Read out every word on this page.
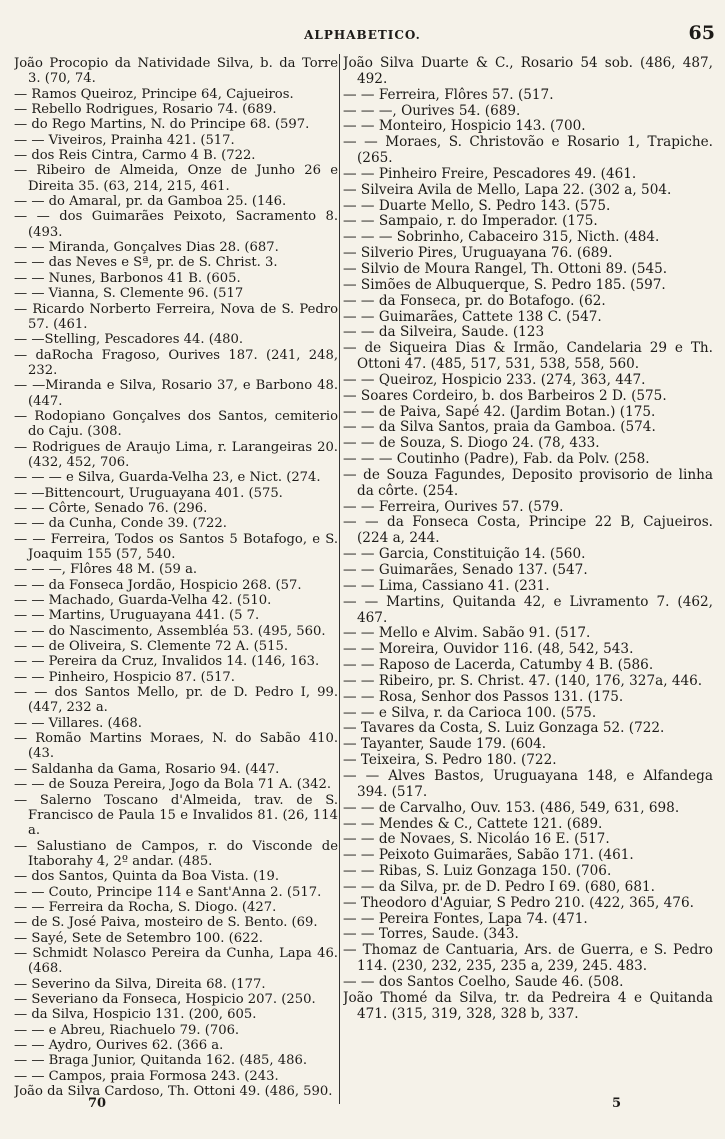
ALPHABETICO.	65
João Procopio da Natividade Silva, b. da Torre 3. (70, 74.
— Ramos Queiroz, Principe 64, Cajueiros.
— Rebello Rodrigues, Rosario 74. (689.
— do Rego Martins, N. do Principe 68. (597.
— — Viveiros, Prainha 421. (517.
— dos Reis Cintra, Carmo 4 B. (722.
— Ribeiro de Almeida, Onze de Junho 26 e Direita 35. (63, 214, 215, 461.
— — do Amaral, pr. da Gamboa 25. (146.
— — dos Guimarães Peixoto, Sacramento 8. (493.
— — Miranda, Gonçalves Dias 28. (687.
— — das Neves e Sª, pr. de S. Christ. 3.
— — Nunes, Barbonos 41 B. (605.
— — Vianna, S. Clemente 96. (517
— Ricardo Norberto Ferreira, Nova de S. Pedro 57. (461.
— —Stelling, Pescadores 44. (480.
— daRocha Fragoso, Ourives 187. (241, 248, 232.
— —Miranda e Silva, Rosario 37, e Barbono 48. (447.
— Rodopiano Gonçalves dos Santos, cemiterio do Caju. (308.
— Rodrigues de Araujo Lima, r. Larangeiras 20. (432, 452, 706.
— — — e Silva, Guarda-Velha 23, e Nict. (274.
— —Bittencourt, Uruguayana 401. (575.
— — Côrte, Senado 76. (296.
— — da Cunha, Conde 39. (722.
— — Ferreira, Todos os Santos 5 Botafogo, e S. Joaquim 155 (57, 540.
— — —, Flôres 48 M. (59 a.
— — da Fonseca Jordão, Hospicio 268. (57.
— — Machado, Guarda-Velha 42. (510.
— — Martins, Uruguayana 441. (5 7.
— — do Nascimento, Assembléa 53. (495, 560.
— — de Oliveira, S. Clemente 72 A. (515.
— — Pereira da Cruz, Invalidos 14. (146, 163.
— — Pinheiro, Hospicio 87. (517.
— — dos Santos Mello, pr. de D. Pedro I, 99. (447, 232 a.
— — Villares. (468.
— Romão Martins Moraes, N. do Sabão 410. (43.
— Saldanha da Gama, Rosario 94. (447.
— — de Souza Pereira, Jogo da Bola 71 A. (342.
— Salerno Toscano d'Almeida, trav. de S. Francisco de Paula 15 e Invalidos 81. (26, 114 a.
— Salustiano de Campos, r. do Visconde de Itaborahy 4, 2º andar. (485.
— dos Santos, Quinta da Boa Vista. (19.
— — Couto, Principe 114 e Sant'Anna 2. (517.
— — Ferreira da Rocha, S. Diogo. (427.
— de S. José Paiva, mosteiro de S. Bento. (69.
— Sayé, Sete de Setembro 100. (622.
— Schmidt Nolasco Pereira da Cunha, Lapa 46. (468.
— Severino da Silva, Direita 68. (177.
— Severiano da Fonseca, Hospicio 207. (250.
— da Silva, Hospicio 131. (200, 605.
— — e Abreu, Riachuelo 79. (706.
— — Aydro, Ourives 62. (366 a.
— — Braga Junior, Quitanda 162. (485, 486.
— — Campos, praia Formosa 243. (243.
João da Silva Cardoso, Th. Ottoni 49. (486, 590.
João Silva Duarte & C., Rosario 54 sob. (486, 487, 492.
— — Ferreira, Flôres 57. (517.
— — —, Ourives 54. (689.
— — Monteiro, Hospicio 143. (700.
— — Moraes, S. Christovão e Rosario 1, Trapiche. (265.
— — Pinheiro Freire, Pescadores 49. (461.
— Silveira Avila de Mello, Lapa 22. (302 a, 504.
— — Duarte Mello, S. Pedro 143. (575.
— — Sampaio, r. do Imperador. (175.
— — — Sobrinho, Cabaceiro 315, Nicth. (484.
— Silverio Pires, Uruguayana 76. (689.
— Silvio de Moura Rangel, Th. Ottoni 89. (545.
— Simões de Albuquerque, S. Pedro 185. (597.
— — da Fonseca, pr. do Botafogo. (62.
— — Guimarães, Cattete 138 C. (547.
— — da Silveira, Saude. (123
— de Siqueira Dias & Irmão, Candelaria 29 e Th. Ottoni 47. (485, 517, 531, 538, 558, 560.
— — Queiroz, Hospicio 233. (274, 363, 447.
— Soares Cordeiro, b. dos Barbeiros 2 D. (575.
— — de Paiva, Sapé 42. (Jardim Botan.) (175.
— — da Silva Santos, praia da Gamboa. (574.
— — de Souza, S. Diogo 24. (78, 433.
— — — Coutinho (Padre), Fab. da Polv. (258.
— de Souza Fagundes, Deposito provisorio de linha da côrte. (254.
— — Ferreira, Ourives 57. (579.
— — da Fonseca Costa, Principe 22 B, Cajueiros. (224 a, 244.
— — Garcia, Constituição 14. (560.
— — Guimarães, Senado 137. (547.
— — Lima, Cassiano 41. (231.
— — Martins, Quitanda 42, e Livramento 7. (462, 467.
— — Mello e Alvim. Sabão 91. (517.
— — Moreira, Ouvidor 116. (48, 542, 543.
— — Raposo de Lacerda, Catumby 4 B. (586.
— — Ribeiro, pr. S. Christ. 47. (140, 176, 327a, 446.
— — Rosa, Senhor dos Passos 131. (175.
— — e Silva, r. da Carioca 100. (575.
— Tavares da Costa, S. Luiz Gonzaga 52. (722.
— Tayanter, Saude 179. (604.
— Teixeira, S. Pedro 180. (722.
— — Alves Bastos, Uruguayana 148, e Alfandega 394. (517.
— — de Carvalho, Ouv. 153. (486, 549, 631, 698.
— — Mendes & C., Cattete 121. (689.
— — de Novaes, S. Nicoláo 16 E. (517.
— — Peixoto Guimarães, Sabão 171. (461.
— — Ribas, S. Luiz Gonzaga 150. (706.
— — da Silva, pr. de D. Pedro I 69. (680, 681.
— Theodoro d'Aguiar, S Pedro 210. (422, 365, 476.
— — Pereira Fontes, Lapa 74. (471.
— — Torres, Saude. (343.
— Thomaz de Cantuaria, Ars. de Guerra, e S. Pedro 114. (230, 232, 235, 235 a, 239, 245. 483.
— — dos Santos Coelho, Saude 46. (508.
João Thomé da Silva, tr. da Pedreira 4 e Quitanda 471. (315, 319, 328, 328 b, 337.
70	5
